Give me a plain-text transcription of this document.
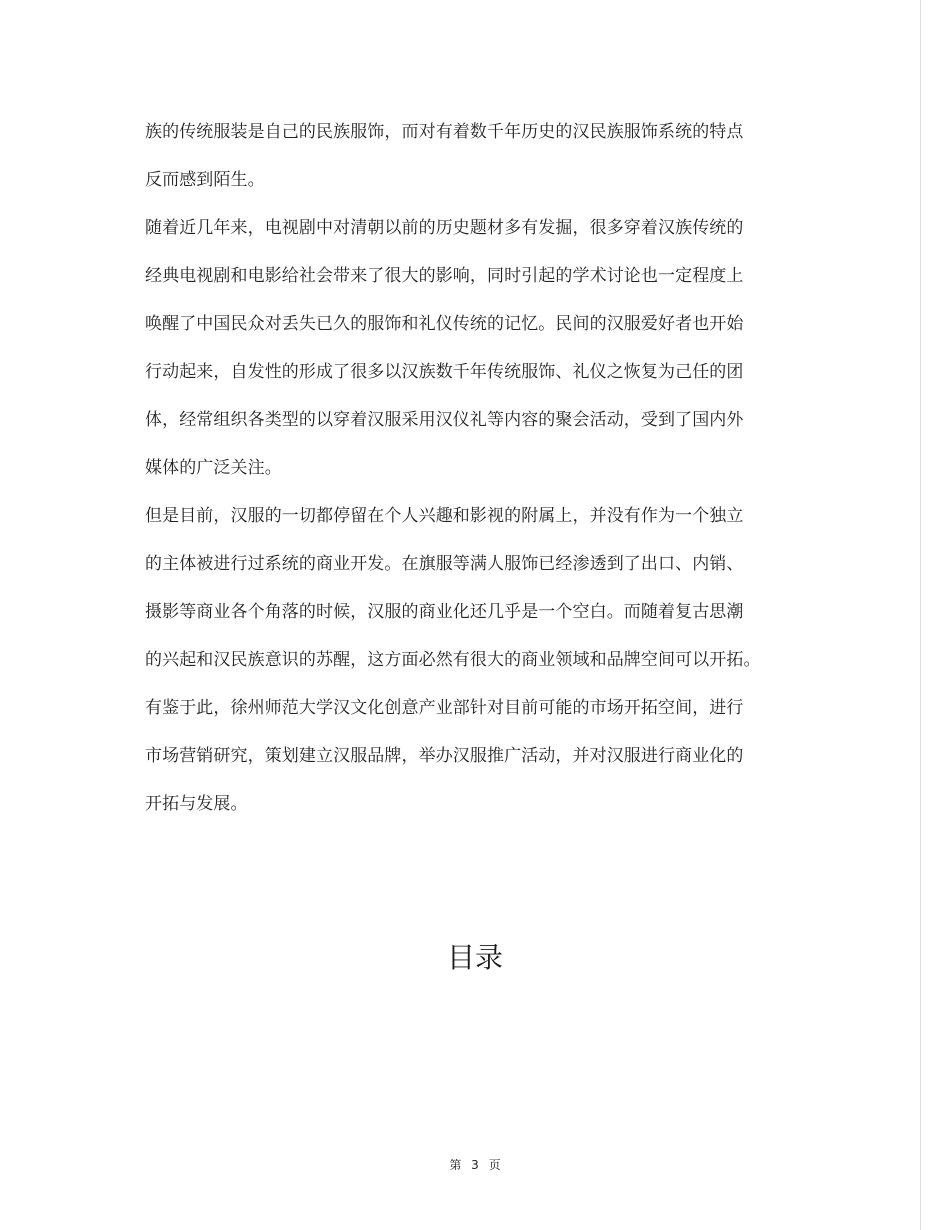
族的传统服装是自己的民族服饰，而对有着数千年历史的汉民族服饰系统的特点
反而感到陌生。
随着近几年来，电视剧中对清朝以前的历史题材多有发掘，很多穿着汉族传统的
经典电视剧和电影给社会带来了很大的影响，同时引起的学术讨论也一定程度上
唤醒了中国民众对丢失已久的服饰和礼仪传统的记忆。民间的汉服爱好者也开始
行动起来，自发性的形成了很多以汉族数千年传统服饰、礼仪之恢复为己任的团
体，经常组织各类型的以穿着汉服采用汉仪礼等内容的聚会活动，受到了国内外
媒体的广泛关注。
但是目前，汉服的一切都停留在个人兴趣和影视的附属上，并没有作为一个独立
的主体被进行过系统的商业开发。在旗服等满人服饰已经渗透到了出口、内销、
摄影等商业各个角落的时候，汉服的商业化还几乎是一个空白。而随着复古思潮
的兴起和汉民族意识的苏醒，这方面必然有很大的商业领域和品牌空间可以开拓。
有鉴于此，徐州师范大学汉文化创意产业部针对目前可能的市场开拓空间，进行
市场营销研究，策划建立汉服品牌，举办汉服推广活动，并对汉服进行商业化的
开拓与发展。
目录
第 3 页
